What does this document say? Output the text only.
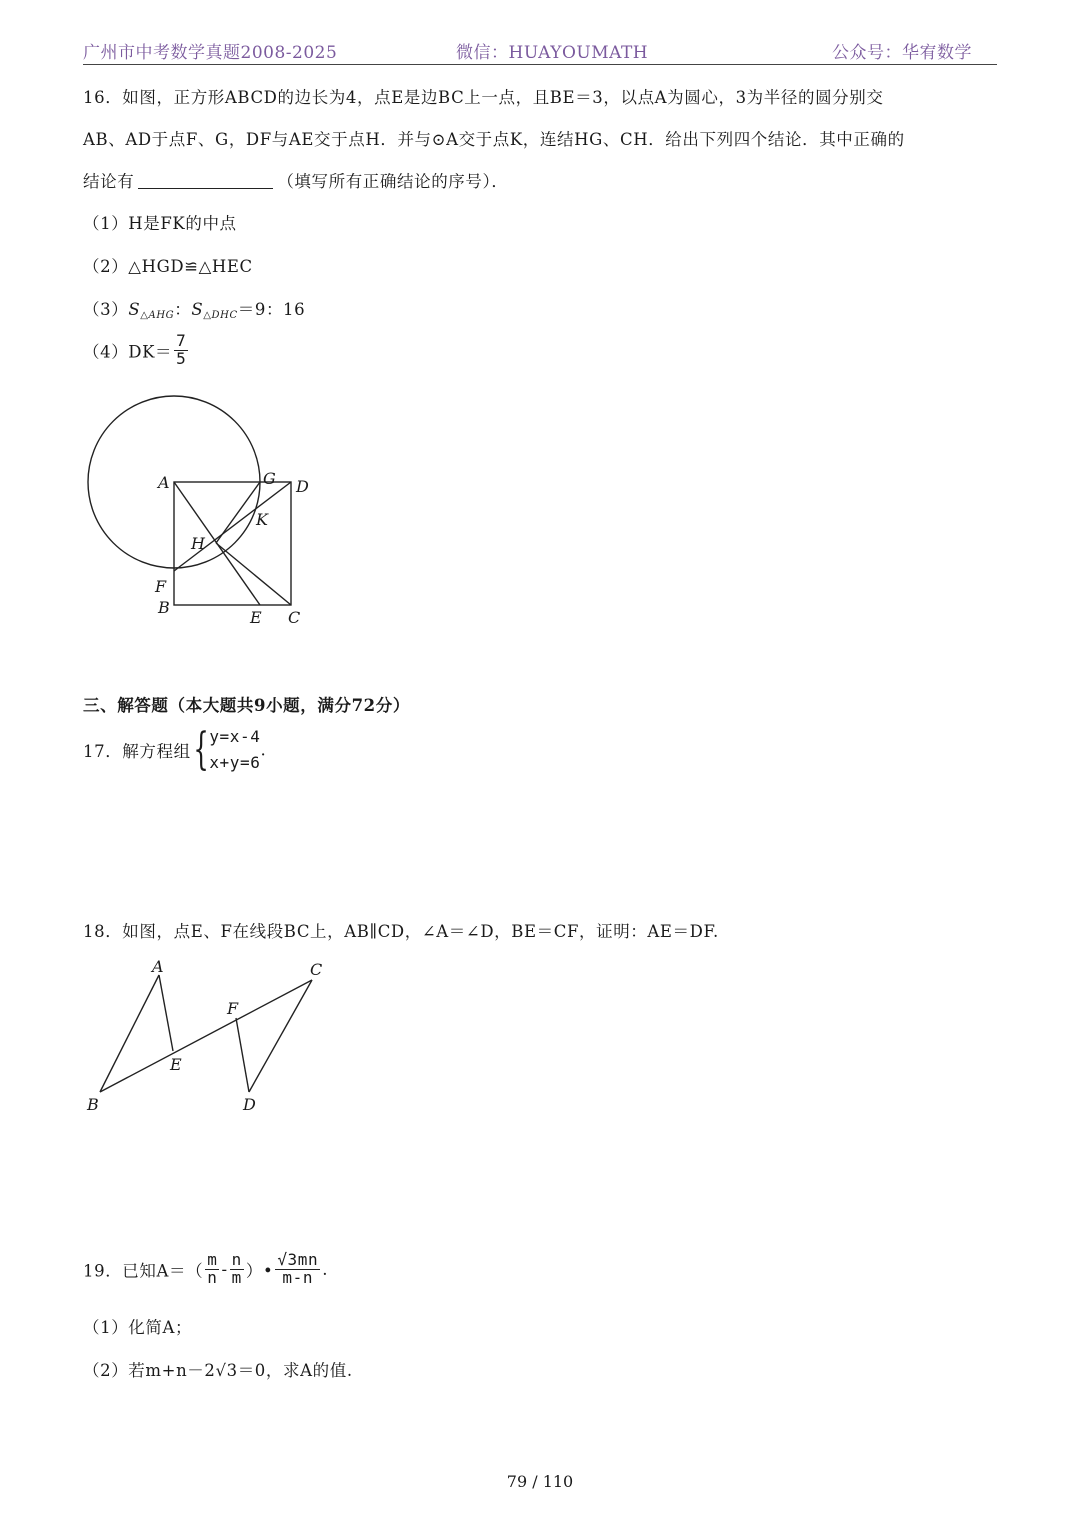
广州市中考数学真题2008-2025	微信：HUAYOUMATH	公众号：华宥数学
16．如图，正方形ABCD的边长为4，点E是边BC上一点，且BE＝3，以点A为圆心，3为半径的圆分别交
AB、AD于点F、G，DF与AE交于点H．并与⊙A交于点K，连结HG、CH．给出下列四个结论．其中正确的
结论有	（填写所有正确结论的序号）．
（1）H是FK的中点
（2）△HGD≌△HEC
$(3)S_{\triangle AHG}$：$S_{\triangle DHC}=9$：16
$(4)DK= \frac{7}{5}$
A	G D
K
H
F
B
E C
三、解答题（本大题共9小题，满分72分）
17．解方程组{ y=x-4
x+y=6
.
18．如图，点E、F在线段BC上，AB∥CD，∠A＝∠D，BE＝CF，证明：AE＝DF.
A	C
F
E
B	D
19．已知$A=( \frac{m}{n} - \frac{n}{m}$ ）• $\frac{√3mn}{m-n}$ .
（1）化简A；
（2）若m+n－2√3＝0，求A的值.
79 / 110
